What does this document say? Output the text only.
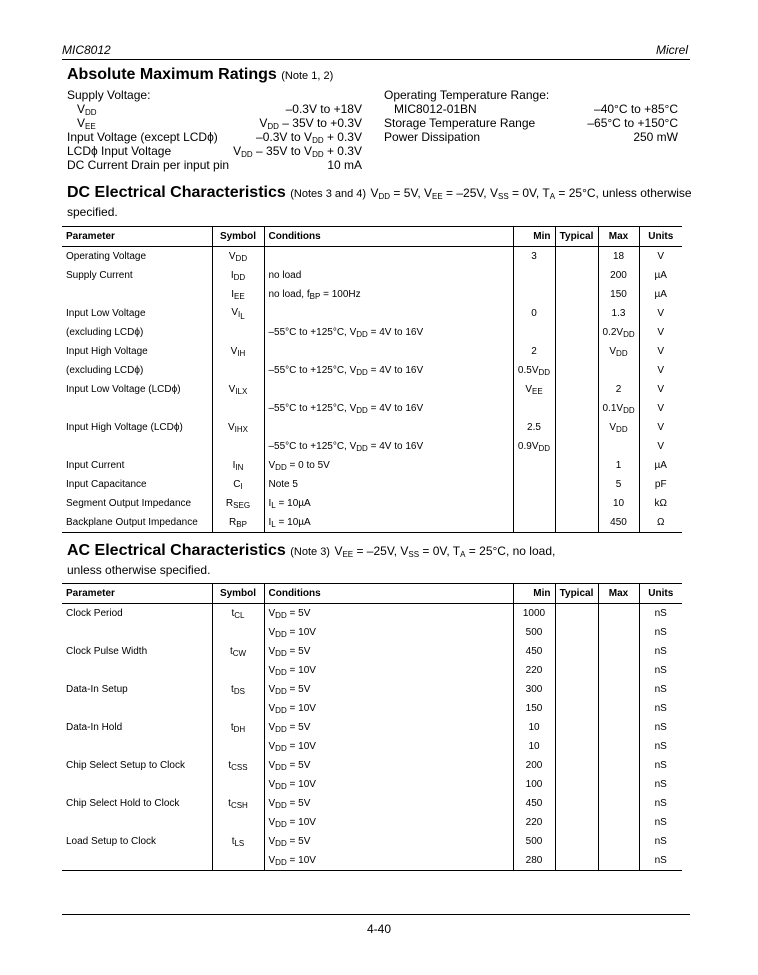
MIC8012	Micrel
Absolute Maximum Ratings (Note 1, 2)
Supply Voltage:
$V_{DD}$	–0.3V to +18V
$V_{EE}$	$V_{DD} - 35V$ to +0.3V
Input Voltage (except LCDϕ)	–0.3V to $V_{DD} + 0.3V$
LCDϕ Input Voltage	$V_{DD} - 35V$ to $V_{DD} + 0.3V$
DC Current Drain per input pin	10 mA
Operating Temperature Range:
MIC8012-01BN	–40°C to +85°C
Storage Temperature Range	–65°C to +150°C
Power Dissipation	250 mW
DC Electrical Characteristics (Notes 3 and 4) $V_{DD} = 5V$, $V_{EE} = -25V$, $V_{SS} = 0V$, $T_A = 25^\circ C$, unless otherwise
specified.
Parameter	Symbol	Conditions	Min	Typical	Max	Units
Operating Voltage	$V_{DD}$		3		18	V
Supply Current	$I_{DD}$	no load			200	µA
	$I_{EE}$	no load, $f_{BP} = 100Hz$			150	µA
Input Low Voltage	$V_{IL}$		0		1.3	V
(excluding LCDϕ)		–55°C to +125°C, $V_{DD} = 4V$ to 16V			$0.2V_{DD}$	V
Input High Voltage	$V_{IH}$		2		$V_{DD}$	V
(excluding LCDϕ)		–55°C to +125°C, $V_{DD} = 4V$ to 16V	$0.5V_{DD}$			V
Input Low Voltage (LCDϕ)	$V_{ILX}$		$V_{EE}$		2	V
		–55°C to +125°C, $V_{DD} = 4V$ to 16V			$0.1V_{DD}$	V
Input High Voltage (LCDϕ)	$V_{IHX}$		2.5		$V_{DD}$	V
		–55°C to +125°C, $V_{DD} = 4V$ to 16V	$0.9V_{DD}$			V
Input Current	$I_{IN}$	$V_{DD} = 0$ to 5V			1	µA
Input Capacitance	$C_I$	Note 5			5	pF
Segment Output Impedance	$R_{SEG}$	$I_L = 10\mu A$			10	kΩ
Backplane Output Impedance	$R_{BP}$	$I_L = 10\mu A$			450	Ω
AC Electrical Characteristics (Note 3) $V_{EE} = -25V$, $V_{SS} = 0V$, $T_A = 25^\circ C$, no load,
unless otherwise specified.
Parameter	Symbol	Conditions	Min	Typical	Max	Units
Clock Period	$t_{CL}$	$V_{DD} = 5V$	1000			nS
		$V_{DD} = 10V$	500			nS
Clock Pulse Width	$t_{CW}$	$V_{DD} = 5V$	450			nS
		$V_{DD} = 10V$	220			nS
Data-In Setup	$t_{DS}$	$V_{DD} = 5V$	300			nS
		$V_{DD} = 10V$	150			nS
Data-In Hold	$t_{DH}$	$V_{DD} = 5V$	10			nS
		$V_{DD} = 10V$	10			nS
Chip Select Setup to Clock	$t_{CSS}$	$V_{DD} = 5V$	200			nS
		$V_{DD} = 10V$	100			nS
Chip Select Hold to Clock	$t_{CSH}$	$V_{DD} = 5V$	450			nS
		$V_{DD} = 10V$	220			nS
Load Setup to Clock	$t_{LS}$	$V_{DD} = 5V$	500			nS
		$V_{DD} = 10V$	280			nS
4-40
